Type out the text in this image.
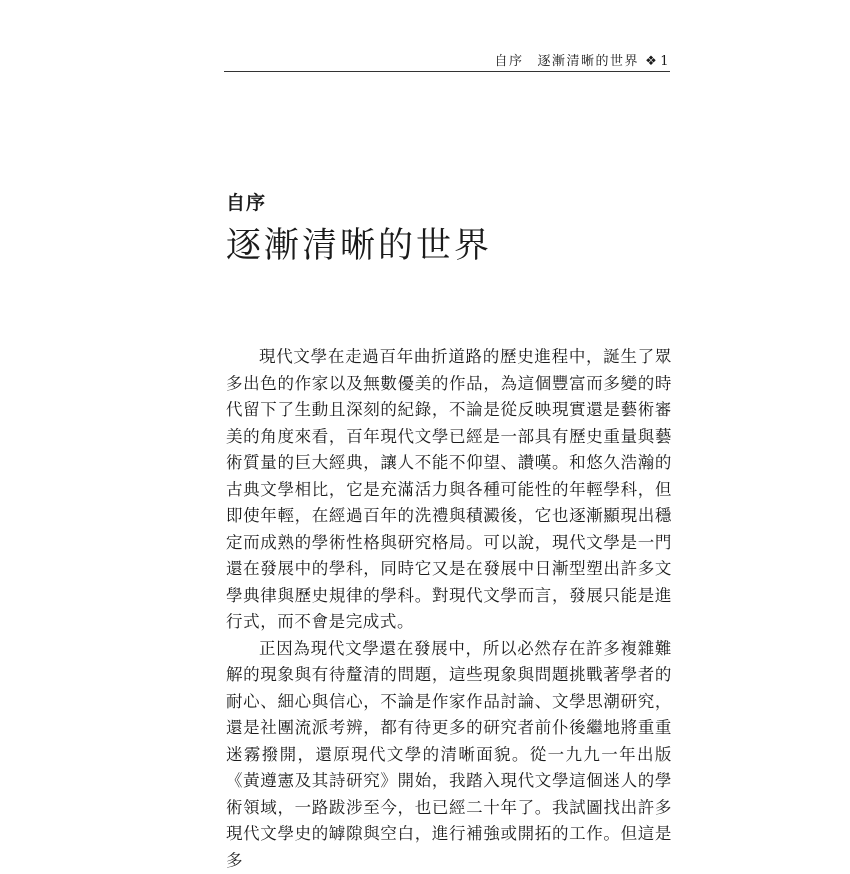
自序 逐漸清晰的世界 ❖ 1
自序
逐漸清晰的世界

現代文學在走過百年曲折道路的歷史進程中，誕生了眾多出色的作家以及無數優美的作品，為這個豐富而多變的時代留下了生動且深刻的紀錄，不論是從反映現實還是藝術審美的角度來看，百年現代文學已經是一部具有歷史重量與藝術質量的巨大經典，讓人不能不仰望、讚嘆。和悠久浩瀚的古典文學相比，它是充滿活力與各種可能性的年輕學科，但即使年輕，在經過百年的洗禮與積澱後，它也逐漸顯現出穩定而成熟的學術性格與研究格局。可以說，現代文學是一門還在發展中的學科，同時它又是在發展中日漸型塑出許多文學典律與歷史規律的學科。對現代文學而言，發展只能是進行式，而不會是完成式。

正因為現代文學還在發展中，所以必然存在許多複雜難解的現象與有待釐清的問題，這些現象與問題挑戰著學者的耐心、細心與信心，不論是作家作品討論、文學思潮研究，還是社團流派考辨，都有待更多的研究者前仆後繼地將重重迷霧撥開，還原現代文學的清晰面貌。從一九九一年出版《黃遵憲及其詩研究》開始，我踏入現代文學這個迷人的學術領域，一路跋涉至今，也已經二十年了。我試圖找出許多現代文學史的罅隙與空白，進行補強或開拓的工作。但這是多
